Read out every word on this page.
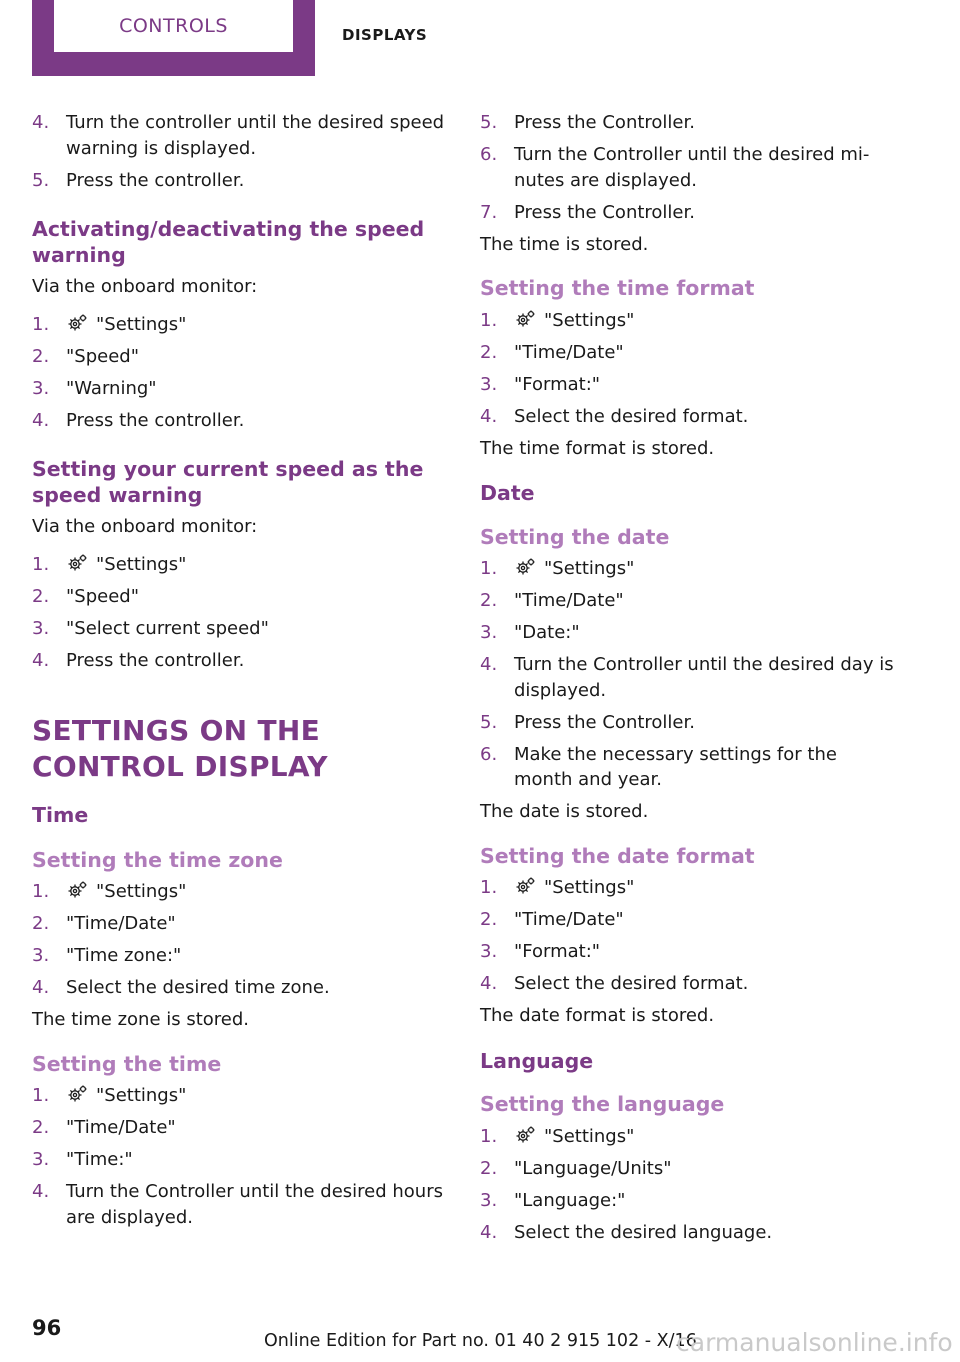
CONTROLS	DISPLAYS
4. Turn the controller until the desired speed warning is displayed.
5. Press the controller.
Activating/deactivating the speed warning
Via the onboard monitor:
1.	"Settings"
2. "Speed"
3. "Warning"
4. Press the controller.
Setting your current speed as the speed warning
Via the onboard monitor:
1.	"Settings"
2. "Speed"
3. "Select current speed"
4. Press the controller.
SETTINGS ON THE CONTROL DISPLAY
Time
Setting the time zone
1.	"Settings"
2. "Time/Date"
3. "Time zone:"
4. Select the desired time zone.
The time zone is stored.
Setting the time
1.	"Settings"
2. "Time/Date"
3. "Time:"
4. Turn the Controller until the desired hours are displayed.
5. Press the Controller.
6. Turn the Controller until the desired mi‐ nutes are displayed.
7. Press the Controller.
The time is stored.
Setting the time format
1.	"Settings"
2. "Time/Date"
3. "Format:"
4. Select the desired format.
The time format is stored.
Date
Setting the date
1.	"Settings"
2. "Time/Date"
3. "Date:"
4. Turn the Controller until the desired day is displayed.
5. Press the Controller.
6. Make the necessary settings for the month and year.
The date is stored.
Setting the date format
1.	"Settings"
2. "Time/Date"
3. "Format:"
4. Select the desired format.
The date format is stored.
Language
Setting the language
1.	"Settings"
2. "Language/Units"
3. "Language:"
4. Select the desired language.
96
Online Edition for Part no. 01 40 2 915 102 - X/16
carmanualsonline.info
